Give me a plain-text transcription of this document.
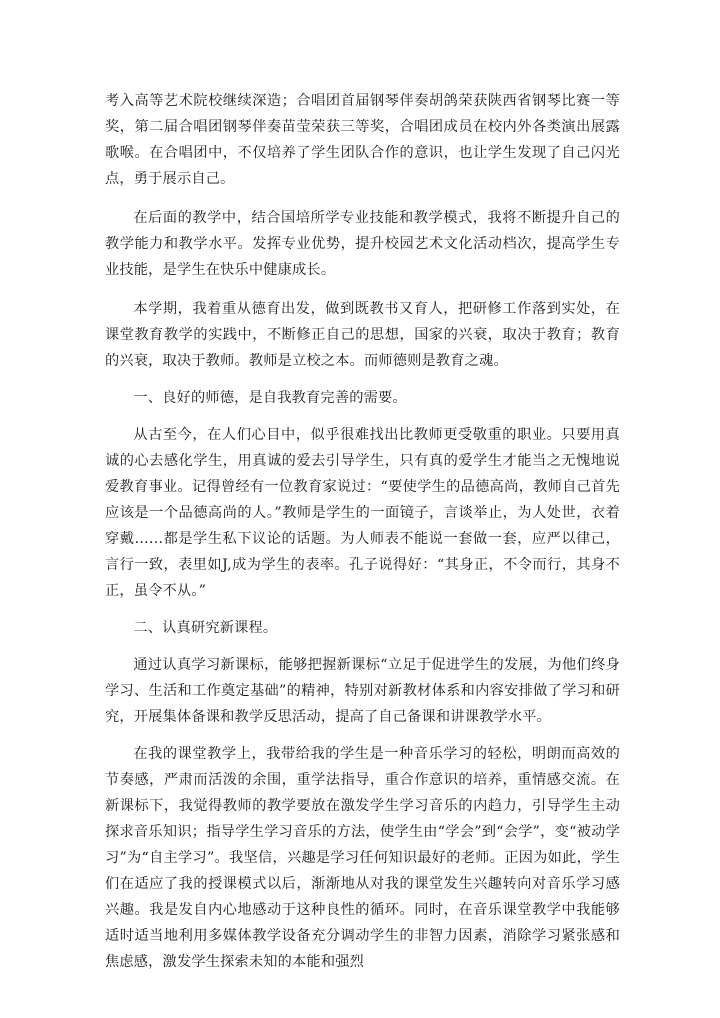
考入高等艺术院校继续深造；合唱团首届钢琴伴奏胡鸽荣获陕西省钢琴比赛一等奖，第二届合唱团钢琴伴奏苗莹荣获三等奖，合唱团成员在校内外各类演出展露歌喉。在合唱团中，不仅培养了学生团队合作的意识，也让学生发现了自己闪光点，勇于展示自己。

在后面的教学中，结合国培所学专业技能和教学模式，我将不断提升自己的教学能力和教学水平。发挥专业优势，提升校园艺术文化活动档次，提高学生专业技能，是学生在快乐中健康成长。

本学期，我着重从德育出发，做到既教书又育人，把研修工作落到实处，在课堂教育教学的实践中，不断修正自己的思想，国家的兴衰，取决于教育；教育的兴衰，取决于教师。教师是立校之本。而师德则是教育之魂。

一、良好的师德，是自我教育完善的需要。

从古至今，在人们心目中，似乎很难找出比教师更受敬重的职业。只要用真诚的心去感化学生，用真诚的爱去引导学生，只有真的爱学生才能当之无愧地说爱教育事业。记得曾经有一位教育家说过：“要使学生的品德高尚，教师自己首先应该是一个品德高尚的人。”教师是学生的一面镜子，言谈举止，为人处世，衣着穿戴……都是学生私下议论的话题。为人师表不能说一套做一套，应严以律己，言行一致，表里如J,成为学生的表率。孔子说得好：“其身正，不令而行，其身不正，虽令不从。”

二、认真研究新课程。

通过认真学习新课标，能够把握新课标“立足于促进学生的发展，为他们终身学习、生活和工作奠定基础”的精神，特别对新教材体系和内容安排做了学习和研究，开展集体备课和教学反思活动，提高了自己备课和讲课教学水平。

在我的课堂教学上，我带给我的学生是一种音乐学习的轻松，明朗而高效的节奏感，严肃而活泼的余围，重学法指导，重合作意识的培养，重情感交流。在新课标下，我觉得教师的教学要放在激发学生学习音乐的内趋力，引导学生主动探求音乐知识；指导学生学习音乐的方法，使学生由“学会”到“会学”，变“被动学习”为“自主学习”。我坚信，兴趣是学习任何知识最好的老师。正因为如此，学生们在适应了我的授课模式以后，渐渐地从对我的课堂发生兴趣转向对音乐学习感兴趣。我是发自内心地感动于这种良性的循环。同时，在音乐课堂教学中我能够适时适当地利用多媒体教学设备充分调动学生的非智力因素，消除学习紧张感和焦虑感，激发学生探索未知的本能和强烈
